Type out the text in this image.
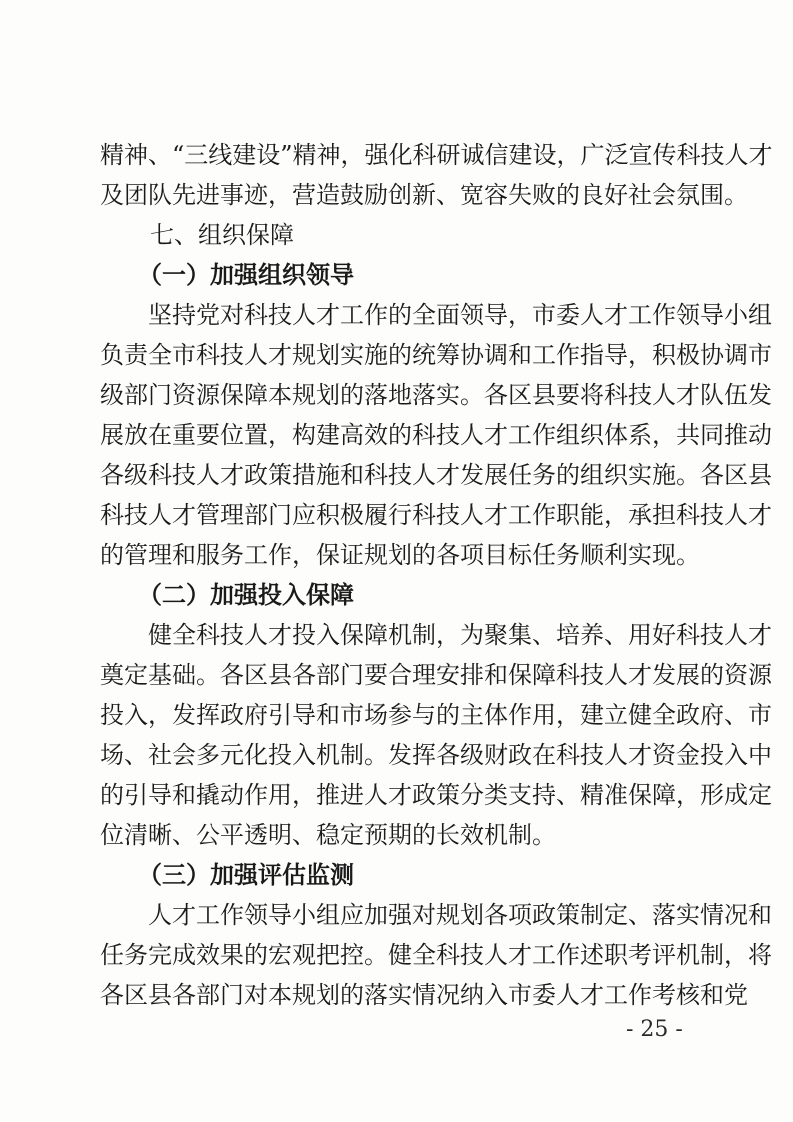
精神、“三线建设”精神，强化科研诚信建设，广泛宣传科技人才
及团队先进事迹，营造鼓励创新、宽容失败的良好社会氛围。
七、组织保障
（一）加强组织领导
坚持党对科技人才工作的全面领导，市委人才工作领导小组
负责全市科技人才规划实施的统筹协调和工作指导，积极协调市
级部门资源保障本规划的落地落实。各区县要将科技人才队伍发
展放在重要位置，构建高效的科技人才工作组织体系，共同推动
各级科技人才政策措施和科技人才发展任务的组织实施。各区县
科技人才管理部门应积极履行科技人才工作职能，承担科技人才
的管理和服务工作，保证规划的各项目标任务顺利实现。
（二）加强投入保障
健全科技人才投入保障机制，为聚集、培养、用好科技人才
奠定基础。各区县各部门要合理安排和保障科技人才发展的资源
投入，发挥政府引导和市场参与的主体作用，建立健全政府、市
场、社会多元化投入机制。发挥各级财政在科技人才资金投入中
的引导和撬动作用，推进人才政策分类支持、精准保障，形成定
位清晰、公平透明、稳定预期的长效机制。
（三）加强评估监测
人才工作领导小组应加强对规划各项政策制定、落实情况和
任务完成效果的宏观把控。健全科技人才工作述职考评机制，将
各区县各部门对本规划的落实情况纳入市委人才工作考核和党
- 25 -
